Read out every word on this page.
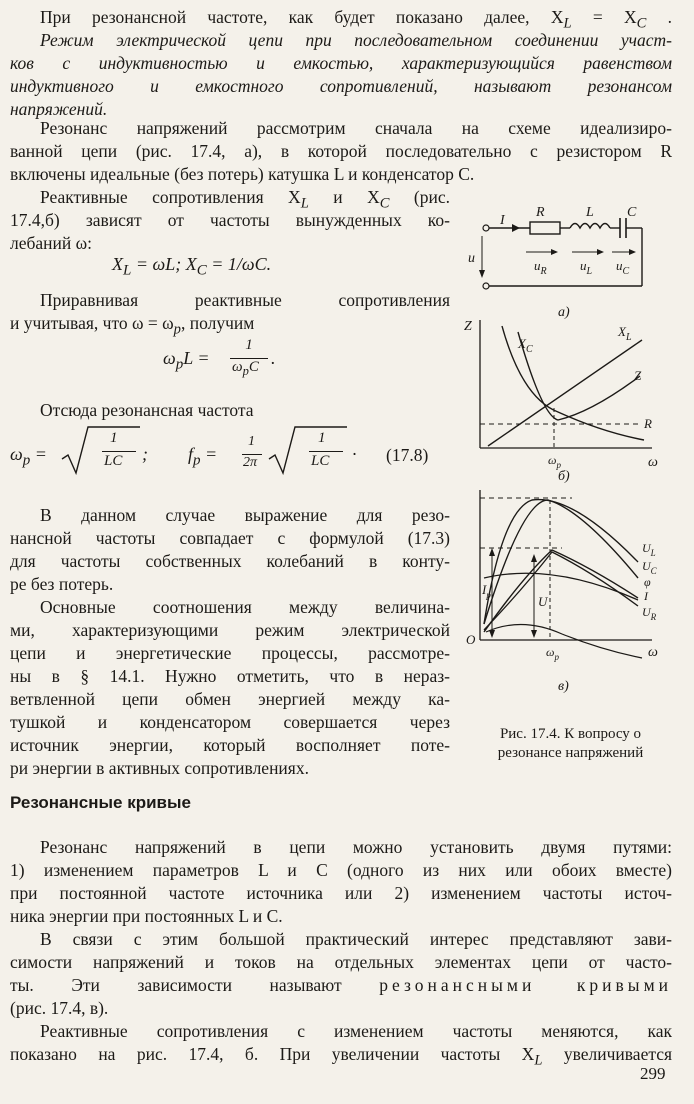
При резонансной частоте, как будет показано далее, $X_L = X_C$ .
Режим электрической цепи при последовательном соединении участ-
ков с индуктивностью и емкостью, характеризующийся равенством
индуктивного и емкостного сопротивлений, называют резонансом
напряжений.
Резонанс напряжений рассмотрим сначала на схеме идеализиро-
ванной цепи (рис. 17.4, а), в которой последовательно с резистором R
включены идеальные (без потерь) катушка L и конденсатор C.
Реактивные сопротивления $X_L$ и $X_C$ (рис.
17.4,б) зависят от частоты вынужденных ко-
лебаний ω:
$X_L = \omega L$; $X_C = 1/\omega C$.
Приравнивая реактивные сопротивления
и учитывая, что $\omega = \omega_р$, получим
$\omega_рL$ =
1
$\omega_рC$ .
Отсюда резонансная частота
$\omega_р$ =
1
LC ; $f_р$ =
1
2π
1
LC · (17.8)
В данном случае выражение для резо-
нансной частоты совпадает с формулой (17.3)
для частоты собственных колебаний в конту-
ре без потерь.
Основные соотношения между величина-
ми, характеризующими режим электрической
цепи и энергетические процессы, рассмотре-
ны в § 14.1. Нужно отметить, что в нераз-
ветвленной цепи обмен энергией между ка-
тушкой и конденсатором совершается через
источник энергии, который восполняет поте-
ри энергии в активных сопротивлениях.
I
R	L C
u	$u_R$	$u_L$ $u_C$
а)
Z
ω
$X_C$
$X_L$
Z
R
$\omega_р$
б)
O
ω
$I_р$	U
$U_L$
$U_C$
φ
I
$U_R$
$\omega_р$
в)
Рис. 17.4. К вопросу о
резонансе напряжений
Резонансные кривые
Резонанс напряжений в цепи можно установить двумя путями:
1) изменением параметров L и C (одного из них или обоих вместе)
при постоянной частоте источника или 2) изменением частоты источ-
ника энергии при постоянных L и C.
В связи с этим большой практический интерес представляют зави-
симости напряжений и токов на отдельных элементах цепи от часто-
ты. Эти зависимости называют резонансными кривыми
(рис. 17.4, в).
Реактивные сопротивления с изменением частоты меняются, как
показано на рис. 17.4, б. При увеличении частоты $X_L$ увеличивается
299
